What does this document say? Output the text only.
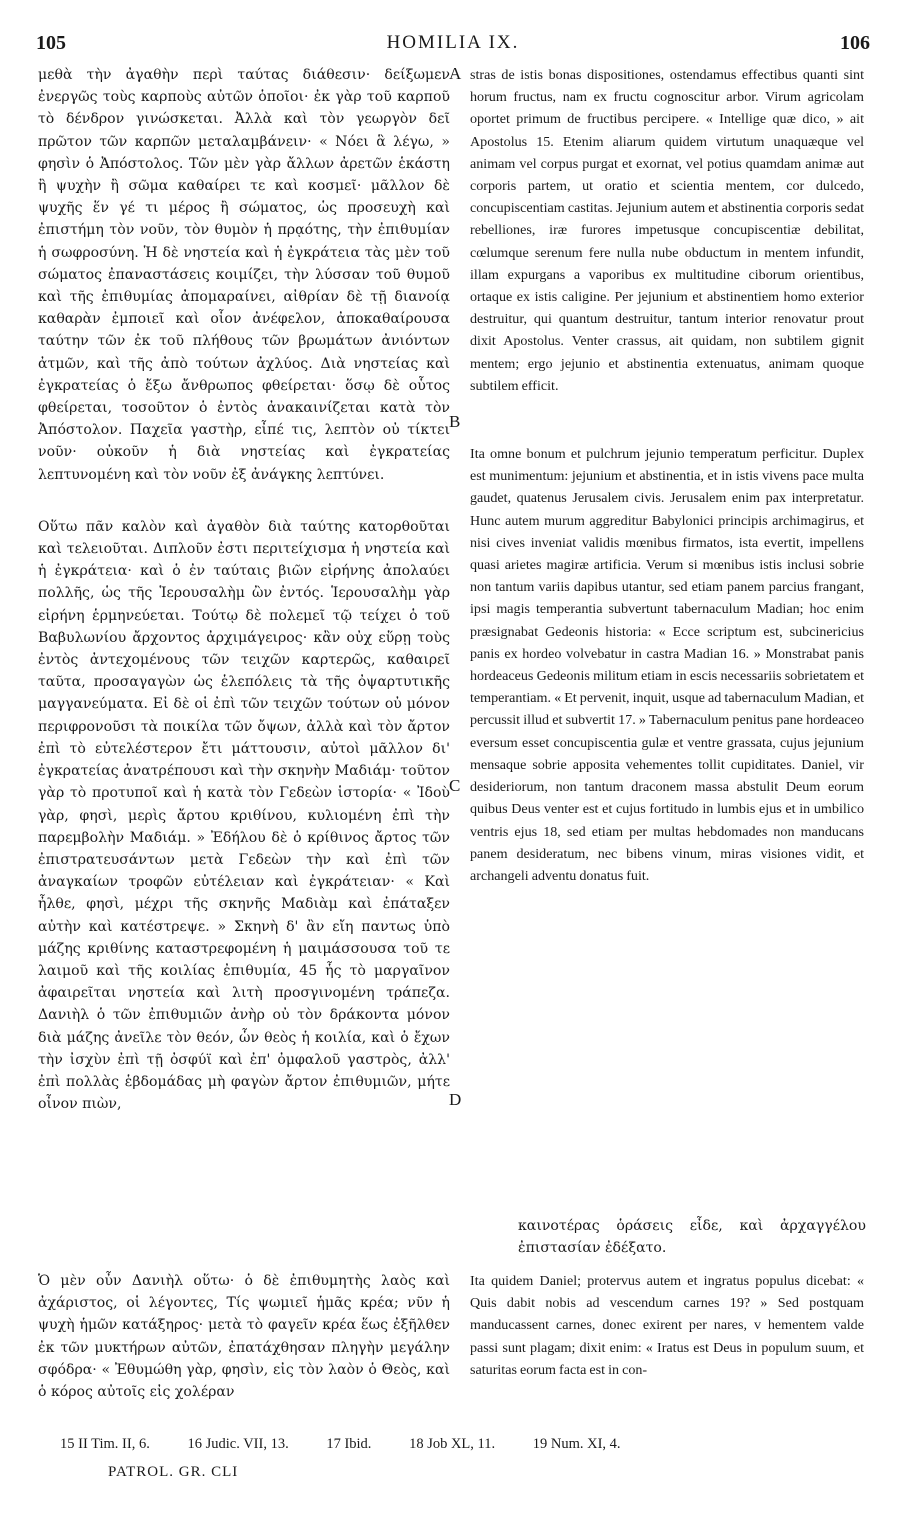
105	HOMILIA IX.	106
A
B
C
D

μεθὰ τὴν ἀγαθὴν περὶ ταύτας διάθεσιν· δείξωμεν ἐνεργῶς τοὺς καρποὺς αὐτῶν ὁποῖοι· ἐκ γὰρ τοῦ καρποῦ τὸ δένδρον γινώσκεται. Ἀλλὰ καὶ τὸν γεωργὸν δεῖ πρῶτον τῶν καρπῶν μεταλαμβάνειν· « Νόει ἃ λέγω, » φησὶν ὁ Ἀπόστολος. Τῶν μὲν γὰρ ἄλλων ἀρετῶν ἑκάστη ἢ ψυχὴν ἢ σῶμα καθαίρει τε καὶ κοσμεῖ· μᾶλλον δὲ ψυχῆς ἕν γέ τι μέρος ἢ σώματος, ὡς προσευχὴ καὶ ἐπιστήμη τὸν νοῦν, τὸν θυμὸν ἡ πρᾳότης, τὴν ἐπιθυμίαν ἡ σωφροσύνη. Ἡ δὲ νηστεία καὶ ἡ ἐγκράτεια τὰς μὲν τοῦ σώματος ἐπαναστάσεις κοιμίζει, τὴν λύσσαν τοῦ θυμοῦ καὶ τῆς ἐπιθυμίας ἀπομαραίνει, αἰθρίαν δὲ τῇ διανοίᾳ καθαρὰν ἐμποιεῖ καὶ οἷον ἀνέφελον, ἀποκαθαίρουσα ταύτην τῶν ἐκ τοῦ πλήθους τῶν βρωμάτων ἀνιόντων ἀτμῶν, καὶ τῆς ἀπὸ τούτων ἀχλύος. Διὰ νηστείας καὶ ἐγκρατείας ὁ ἔξω ἄνθρωπος φθείρεται· ὅσῳ δὲ οὗτος φθείρεται, τοσοῦτον ὁ ἐντὸς ἀνακαινίζεται κατὰ τὸν Ἀπόστολον. Παχεῖα γαστὴρ, εἶπέ τις, λεπτὸν οὐ τίκτει νοῦν· οὐκοῦν ἡ διὰ νηστείας καὶ ἐγκρατείας λεπτυνομένη καὶ τὸν νοῦν ἐξ ἀνάγκης λεπτύνει.

Οὕτω πᾶν καλὸν καὶ ἀγαθὸν διὰ ταύτης κατορθοῦται καὶ τελειοῦται. Διπλοῦν ἐστι περιτείχισμα ἡ νηστεία καὶ ἡ ἐγκράτεια· καὶ ὁ ἐν ταύταις βιῶν εἰρήνης ἀπολαύει πολλῆς, ὡς τῆς Ἱερουσαλὴμ ὢν ἐντός. Ἱερουσαλὴμ γὰρ εἰρήνη ἑρμηνεύεται. Τούτῳ δὲ πολεμεῖ τῷ τείχει ὁ τοῦ Βαβυλωνίου ἄρχοντος ἀρχιμάγειρος· κἂν οὐχ εὕρῃ τοὺς ἐντὸς ἀντεχομένους τῶν τειχῶν καρτερῶς, καθαιρεῖ ταῦτα, προσαγαγὼν ὡς ἑλεπόλεις τὰ τῆς ὀψαρτυτικῆς μαγγανεύματα. Εἰ δὲ οἱ ἐπὶ τῶν τειχῶν τούτων οὐ μόνον περιφρονοῦσι τὰ ποικίλα τῶν ὄψων, ἀλλὰ καὶ τὸν ἄρτον ἐπὶ τὸ εὐτελέστερον ἔτι μάττουσιν, αὐτοὶ μᾶλλον δι' ἐγκρατείας ἀνατρέπουσι καὶ τὴν σκηνὴν Μαδιάμ· τοῦτον γὰρ τὸ προτυποῖ καὶ ἡ κατὰ τὸν Γεδεὼν ἱστορία· « Ἰδοὺ γὰρ, φησὶ, μερὶς ἄρτου κριθίνου, κυλιομένη ἐπὶ τὴν παρεμβολὴν Μαδιάμ. » Ἐδήλου δὲ ὁ κρίθινος ἄρτος τῶν ἐπιστρατευσάντων μετὰ Γεδεὼν τὴν καὶ ἐπὶ τῶν ἀναγκαίων τροφῶν εὐτέλειαν καὶ ἐγκράτειαν· « Καὶ ἦλθε, φησὶ, μέχρι τῆς σκηνῆς Μαδιὰμ καὶ ἐπάταξεν αὐτὴν καὶ κατέστρεψε. » Σκηνὴ δ' ἂν εἴη παντως ὑπὸ μάζης κριθίνης καταστρεφομένη ἡ μαιμάσσουσα τοῦ τε λαιμοῦ καὶ τῆς κοιλίας ἐπιθυμία, 45 ἧς τὸ μαργαῖνον ἀφαιρεῖται νηστεία καὶ λιτὴ προσγινομένη τράπεζα. Δανιὴλ ὁ τῶν ἐπιθυμιῶν ἀνὴρ οὐ τὸν δράκοντα μόνον διὰ μάζης ἀνεῖλε τὸν θεόν, ὧν θεὸς ἡ κοιλία, καὶ ὁ ἔχων τὴν ἰσχὺν ἐπὶ τῇ ὀσφύϊ καὶ ἐπ' ὀμφαλοῦ γαστρὸς, ἀλλ' ἐπὶ πολλὰς ἑβδομάδας μὴ φαγὼν ἄρτον ἐπιθυμιῶν, μήτε οἶνον πιὼν,

καινοτέρας ὁράσεις εἶδε, καὶ ἀρχαγγέλου ἐπιστασίαν ἐδέξατο.

Ὁ μὲν οὖν Δανιὴλ οὕτω· ὁ δὲ ἐπιθυμητὴς λαὸς καὶ ἀχάριστος, οἱ λέγοντες, Τίς ψωμιεῖ ἡμᾶς κρέα; νῦν ἡ ψυχὴ ἡμῶν κατάξηρος· μετὰ τὸ φαγεῖν κρέα ἕως ἐξῆλθεν ἐκ τῶν μυκτήρων αὐτῶν, ἐπατάχθησαν πληγὴν μεγάλην σφόδρα· « Ἐθυμώθη γὰρ, φησὶν, εἰς τὸν λαὸν ὁ Θεὸς, καὶ ὁ κόρος αὐτοῖς εἰς χολέραν

stras de istis bonas dispositiones, ostendamus effectibus quanti sint horum fructus, nam ex fructu cognoscitur arbor. Virum agricolam oportet primum de fructibus percipere. « Intellige quæ dico, » ait Apostolus 15. Etenim aliarum quidem virtutum unaquæque vel animam vel corpus purgat et exornat, vel potius quamdam animæ aut corporis partem, ut oratio et scientia mentem, cor dulcedo, concupiscentiam castitas. Jejunium autem et abstinentia corporis sedat rebelliones, iræ furores impetusque concupiscentiæ debilitat, cœlumque serenum fere nulla nube obductum in mentem infundit, illam expurgans a vaporibus ex multitudine ciborum orientibus, ortaque ex istis caligine. Per jejunium et abstinentiem homo exterior destruitur, qui quantum destruitur, tantum interior renovatur prout dixit Apostolus. Venter crassus, ait quidam, non subtilem gignit mentem; ergo jejunio et abstinentia extenuatus, animam quoque subtilem efficit.

Ita omne bonum et pulchrum jejunio temperatum perficitur. Duplex est munimentum: jejunium et abstinentia, et in istis vivens pace multa gaudet, quatenus Jerusalem civis. Jerusalem enim pax interpretatur. Hunc autem murum aggreditur Babylonici principis archimagirus, et nisi cives inveniat validis mœnibus firmatos, ista evertit, impellens quasi arietes magiræ artificia. Verum si mœnibus istis inclusi sobrie non tantum variis dapibus utantur, sed etiam panem parcius frangant, ipsi magis temperantia subvertunt tabernaculum Madian; hoc enim præsignabat Gedeonis historia: « Ecce scriptum est, subcinericius panis ex hordeo volvebatur in castra Madian 16. » Monstrabat panis hordeaceus Gedeonis militum etiam in escis necessariis sobrietatem et temperantiam. « Et pervenit, inquit, usque ad tabernaculum Madian, et percussit illud et subvertit 17. » Tabernaculum penitus pane hordeaceo eversum esset concupiscentia gulæ et ventre grassata, cujus jejunium mensaque sobrie apposita vehementes tollit cupiditates. Daniel, vir desideriorum, non tantum draconem massa abstulit Deum eorum quibus Deus venter est et cujus fortitudo in lumbis ejus et in umbilico ventris ejus 18, sed etiam per multas hebdomades non manducans panem desideratum, nec bibens vinum, miras visiones vidit, et archangeli adventu donatus fuit.

Ita quidem Daniel; protervus autem et ingratus populus dicebat: « Quis dabit nobis ad vescendum carnes 19? » Sed postquam manducassent carnes, donec exirent per nares, v hementem valde passi sunt plagam; dixit enim: « Iratus est Deus in populum suum, et saturitas eorum facta est in con-

15 II Tim. II, 6.	16 Judic. VII, 13.	17 Ibid.	18 Job XL, 11.	19 Num. XI, 4.
PATROL. GR. CLI
